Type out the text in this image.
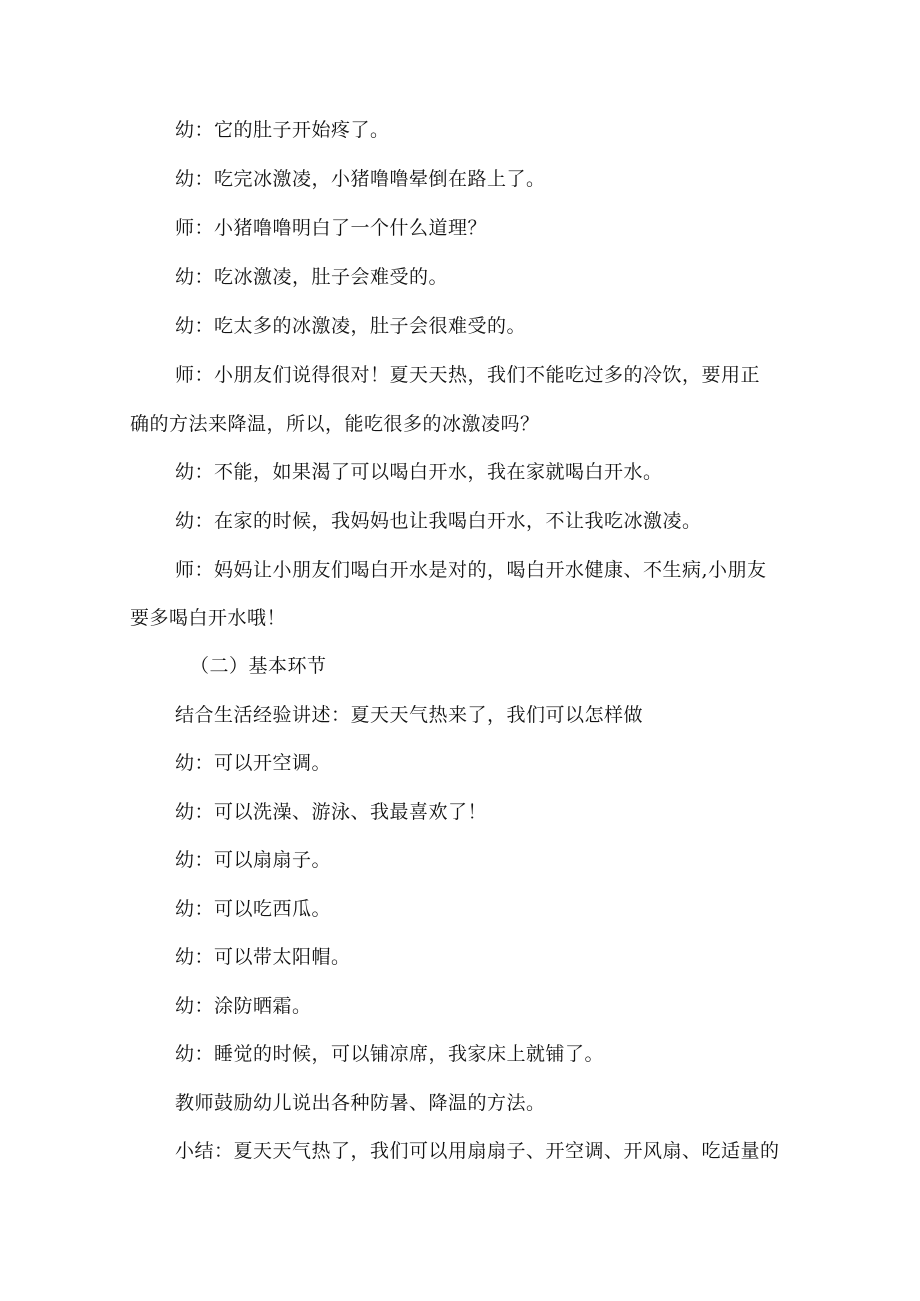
幼：它的肚子开始疼了。
幼：吃完冰激凌，小猪噜噜晕倒在路上了。
师：小猪噜噜明白了一个什么道理？
幼：吃冰激凌，肚子会难受的。
幼：吃太多的冰激凌，肚子会很难受的。
师：小朋友们说得很对！夏天天热，我们不能吃过多的冷饮，要用正
确的方法来降温，所以，能吃很多的冰激凌吗？
幼：不能，如果渴了可以喝白开水，我在家就喝白开水。
幼：在家的时候，我妈妈也让我喝白开水，不让我吃冰激凌。
师：妈妈让小朋友们喝白开水是对的，喝白开水健康、不生病,小朋友
要多喝白开水哦！
（二）基本环节
结合生活经验讲述：夏天天气热来了，我们可以怎样做
幼：可以开空调。
幼：可以洗澡、游泳、我最喜欢了！
幼：可以扇扇子。
幼：可以吃西瓜。
幼：可以带太阳帽。
幼：涂防晒霜。
幼：睡觉的时候，可以铺凉席，我家床上就铺了。
教师鼓励幼儿说出各种防暑、降温的方法。
小结：夏天天气热了，我们可以用扇扇子、开空调、开风扇、吃适量的
